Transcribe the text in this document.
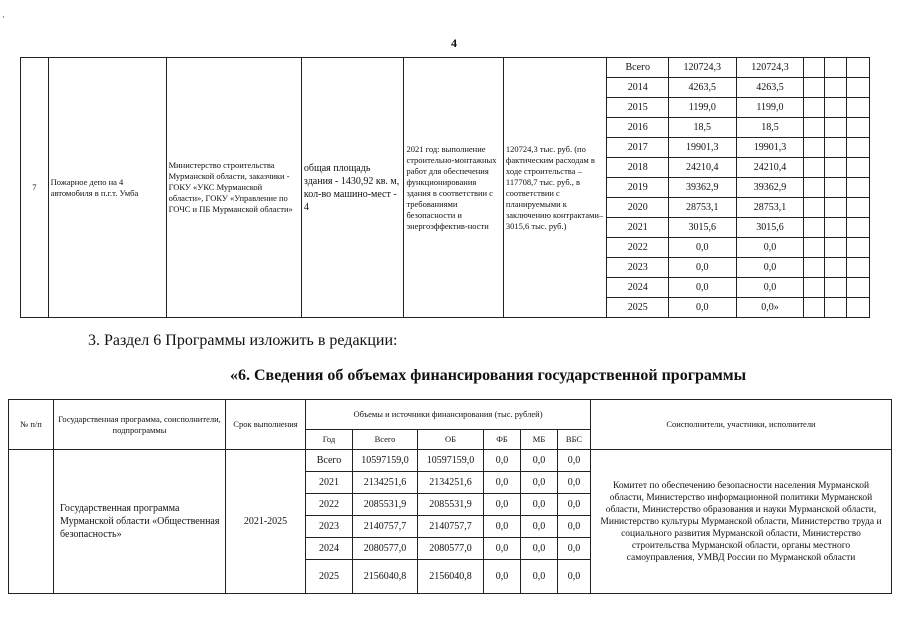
·
4
7	Пожарное депо на 4 автомобиля в п.г.т. Умба	Министерство строительства Мурманской области, заказчики - ГОКУ «УКС Мурманской области», ГОКУ «Управление по ГОЧС и ПБ Мурманской области»	общая площадь здания - 1430,92 кв. м, кол-во машино-мест - 4	2021 год: выполнение строительно-монтажных работ для обеспечения функционирования здания в соответствии с требованиями безопасности и энергоэффектив-ности	120724,3 тыс. руб. (по фактическим расходам в ходе строительства – 117708,7 тыс. руб., в соответствии с планируемыми к заключению контрактами– 3015,6 тыс. руб.)	Всего	120724,3	120724,3			
						2014	4263,5	4263,5			
						2015	1199,0	1199,0			
						2016	18,5	18,5			
						2017	19901,3	19901,3			
						2018	24210,4	24210,4			
						2019	39362,9	39362,9			
						2020	28753,1	28753,1			
						2021	3015,6	3015,6			
						2022	0,0	0,0			
						2023	0,0	0,0			
						2024	0,0	0,0			
						2025	0,0	0,0»			
3. Раздел 6 Программы изложить в редакции:
«6. Сведения об объемах финансирования государственной программы
№ п/п	Государственная программа, соисполнители, подпрограммы	Срок выполнения	Объемы и источники финансирования (тыс. рублей)						Соисполнители, участники, исполнители
			Год	Всего	ОБ	ФБ	МБ	ВБС	
	Государственная программа Мурманской области «Общественная безопасность»	2021-2025	Всего	10597159,0	10597159,0	0,0	0,0	0,0	Комитет по обеспечению безопасности населения Мурманской области, Министерство информационной политики Мурманской области, Министерство образования и науки Мурманской области, Министерство культуры Мурманской области, Министерство труда и социального развития Мурманской области, Министерство строительства Мурманской области, органы местного самоуправления, УМВД России по Мурманской области
			2021	2134251,6	2134251,6	0,0	0,0	0,0	
			2022	2085531,9	2085531,9	0,0	0,0	0,0	
			2023	2140757,7	2140757,7	0,0	0,0	0,0	
			2024	2080577,0	2080577,0	0,0	0,0	0,0	
			2025	2156040,8	2156040,8	0,0	0,0	0,0	
